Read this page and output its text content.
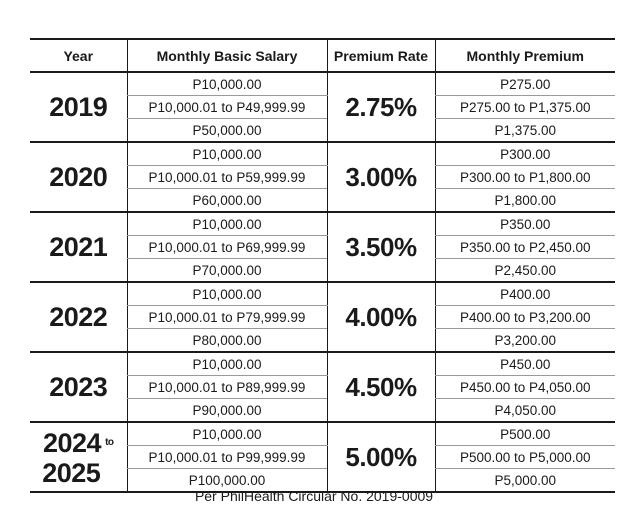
Year	Monthly Basic Salary	Premium Rate	Monthly Premium
2019	P10,000.00	2.75%	P275.00
	P10,000.01 to P49,999.99		P275.00 to P1,375.00
	P50,000.00		P1,375.00
2020	P10,000.00	3.00%	P300.00
	P10,000.01 to P59,999.99		P300.00 to P1,800.00
	P60,000.00		P1,800.00
2021	P10,000.00	3.50%	P350.00
	P10,000.01 to P69,999.99		P350.00 to P2,450.00
	P70,000.00		P2,450.00
2022	P10,000.00	4.00%	P400.00
	P10,000.01 to P79,999.99		P400.00 to P3,200.00
	P80,000.00		P3,200.00
2023	P10,000.00	4.50%	P450.00
	P10,000.01 to P89,999.99		P450.00 to P4,050.00
	P90,000.00		P4,050.00

2024 to
2025	P10,000.00	5.00%	P500.00
	P10,000.01 to P99,999.99		P500.00 to P5,000.00
	P100,000.00		P5,000.00
Per PhilHealth Circular No. 2019-0009
